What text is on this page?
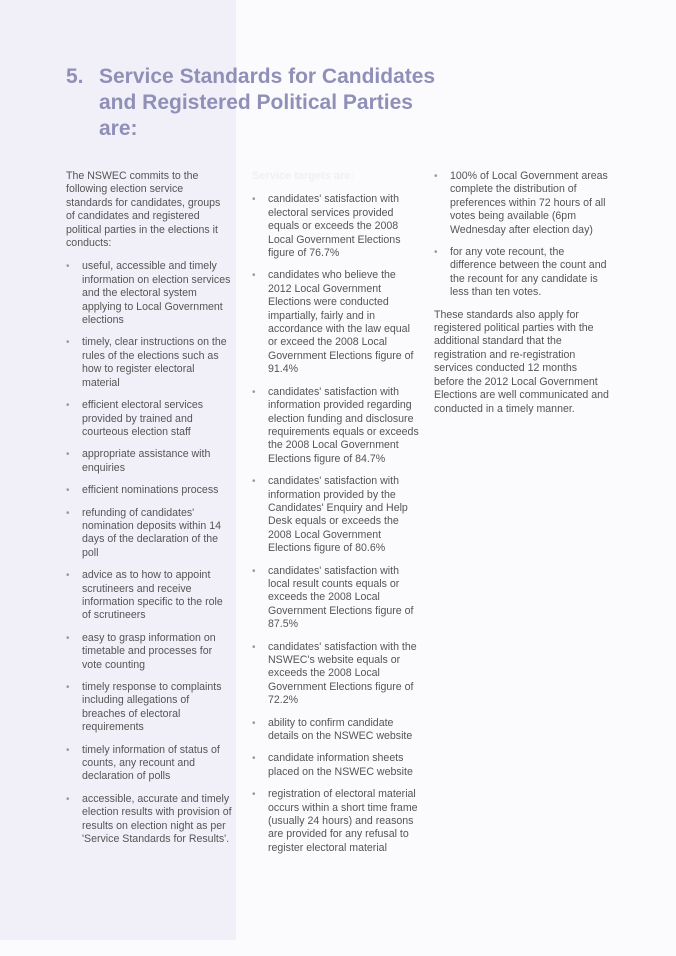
5. Service Standards for Candidates
and Registered Political Parties are:

The NSWEC commits to the following election service standards for candidates, groups of candidates and registered political parties in the elections it conducts:

• useful, accessible and timely information on election services and the electoral system applying to Local Government elections
• timely, clear instructions on the rules of the elections such as how to register electoral material
• efficient electoral services provided by trained and courteous election staff
• appropriate assistance with enquiries
• efficient nominations process
• refunding of candidates' nomination deposits within 14 days of the declaration of the poll
• advice as to how to appoint scrutineers and receive information specific to the role of scrutineers
• easy to grasp information on timetable and processes for vote counting
• timely response to complaints including allegations of breaches of electoral requirements
• timely information of status of counts, any recount and declaration of polls
• accessible, accurate and timely election results with provision of results on election night as per 'Service Standards for Results'.

Service targets are:

• candidates' satisfaction with electoral services provided equals or exceeds the 2008 Local Government Elections figure of 76.7%
• candidates who believe the 2012 Local Government Elections were conducted impartially, fairly and in accordance with the law equal or exceed the 2008 Local Government Elections figure of 91.4%
• candidates' satisfaction with information provided regarding election funding and disclosure requirements equals or exceeds the 2008 Local Government Elections figure of 84.7%
• candidates' satisfaction with information provided by the Candidates' Enquiry and Help Desk equals or exceeds the 2008 Local Government Elections figure of 80.6%
• candidates' satisfaction with local result counts equals or exceeds the 2008 Local Government Elections figure of 87.5%
• candidates' satisfaction with the NSWEC's website equals or exceeds the 2008 Local Government Elections figure of 72.2%
• ability to confirm candidate details on the NSWEC website
• candidate information sheets placed on the NSWEC website
• registration of electoral material occurs within a short time frame (usually 24 hours) and reasons are provided for any refusal to register electoral material
• 100% of Local Government areas complete the distribution of preferences within 72 hours of all votes being available (6pm Wednesday after election day)
• for any vote recount, the difference between the count and the recount for any candidate is less than ten votes.

These standards also apply for registered political parties with the additional standard that the registration and re-registration services conducted 12 months before the 2012 Local Government Elections are well communicated and conducted in a timely manner.
